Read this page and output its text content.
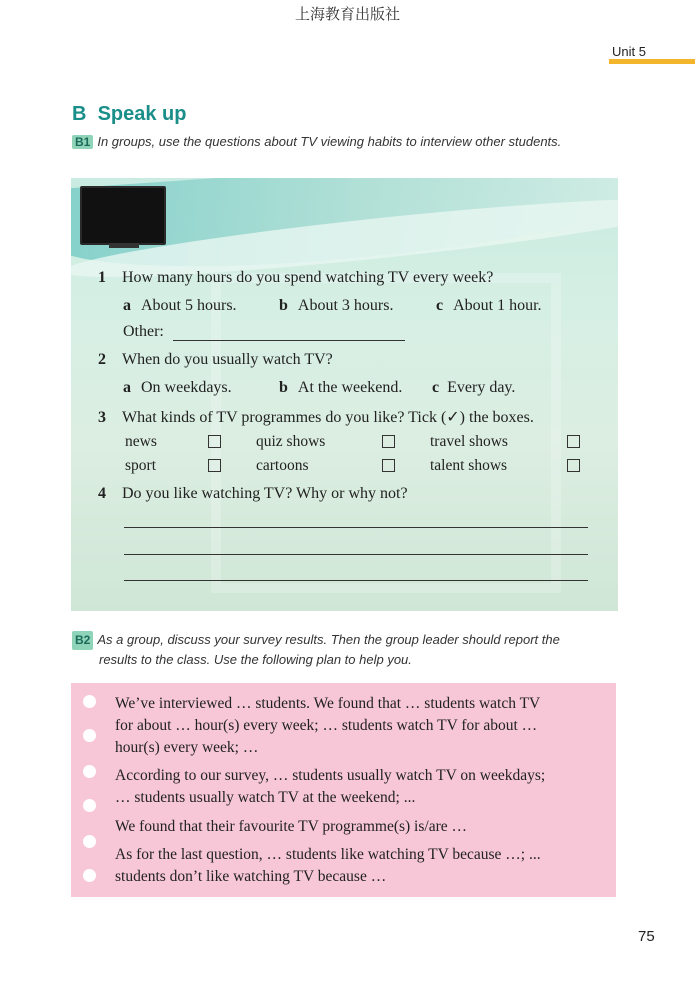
上海教育出版社
Unit 5
B Speak up
B1 In groups, use the questions about TV viewing habits to interview other students.
1 How many hours do you spend watching TV every week?
a About 5 hours.	b About 3 hours.	c About 1 hour.
Other:
2 When do you usually watch TV?
a On weekdays.	b At the weekend. c Every day.
3 What kinds of TV programmes do you like? Tick (✓) the boxes.
news	quiz shows	travel shows
sport	cartoons	talent shows
4 Do you like watching TV? Why or why not?
B2 As a group, discuss your survey results. Then the group leader should report the
results to the class. Use the following plan to help you.
We’ve interviewed … students. We found that … students watch TV
for about … hour(s) every week; … students watch TV for about …
hour(s) every week; …
According to our survey, … students usually watch TV on weekdays;
… students usually watch TV at the weekend; ...
We found that their favourite TV programme(s) is/are …
As for the last question, … students like watching TV because …; ...
students don’t like watching TV because …
75
